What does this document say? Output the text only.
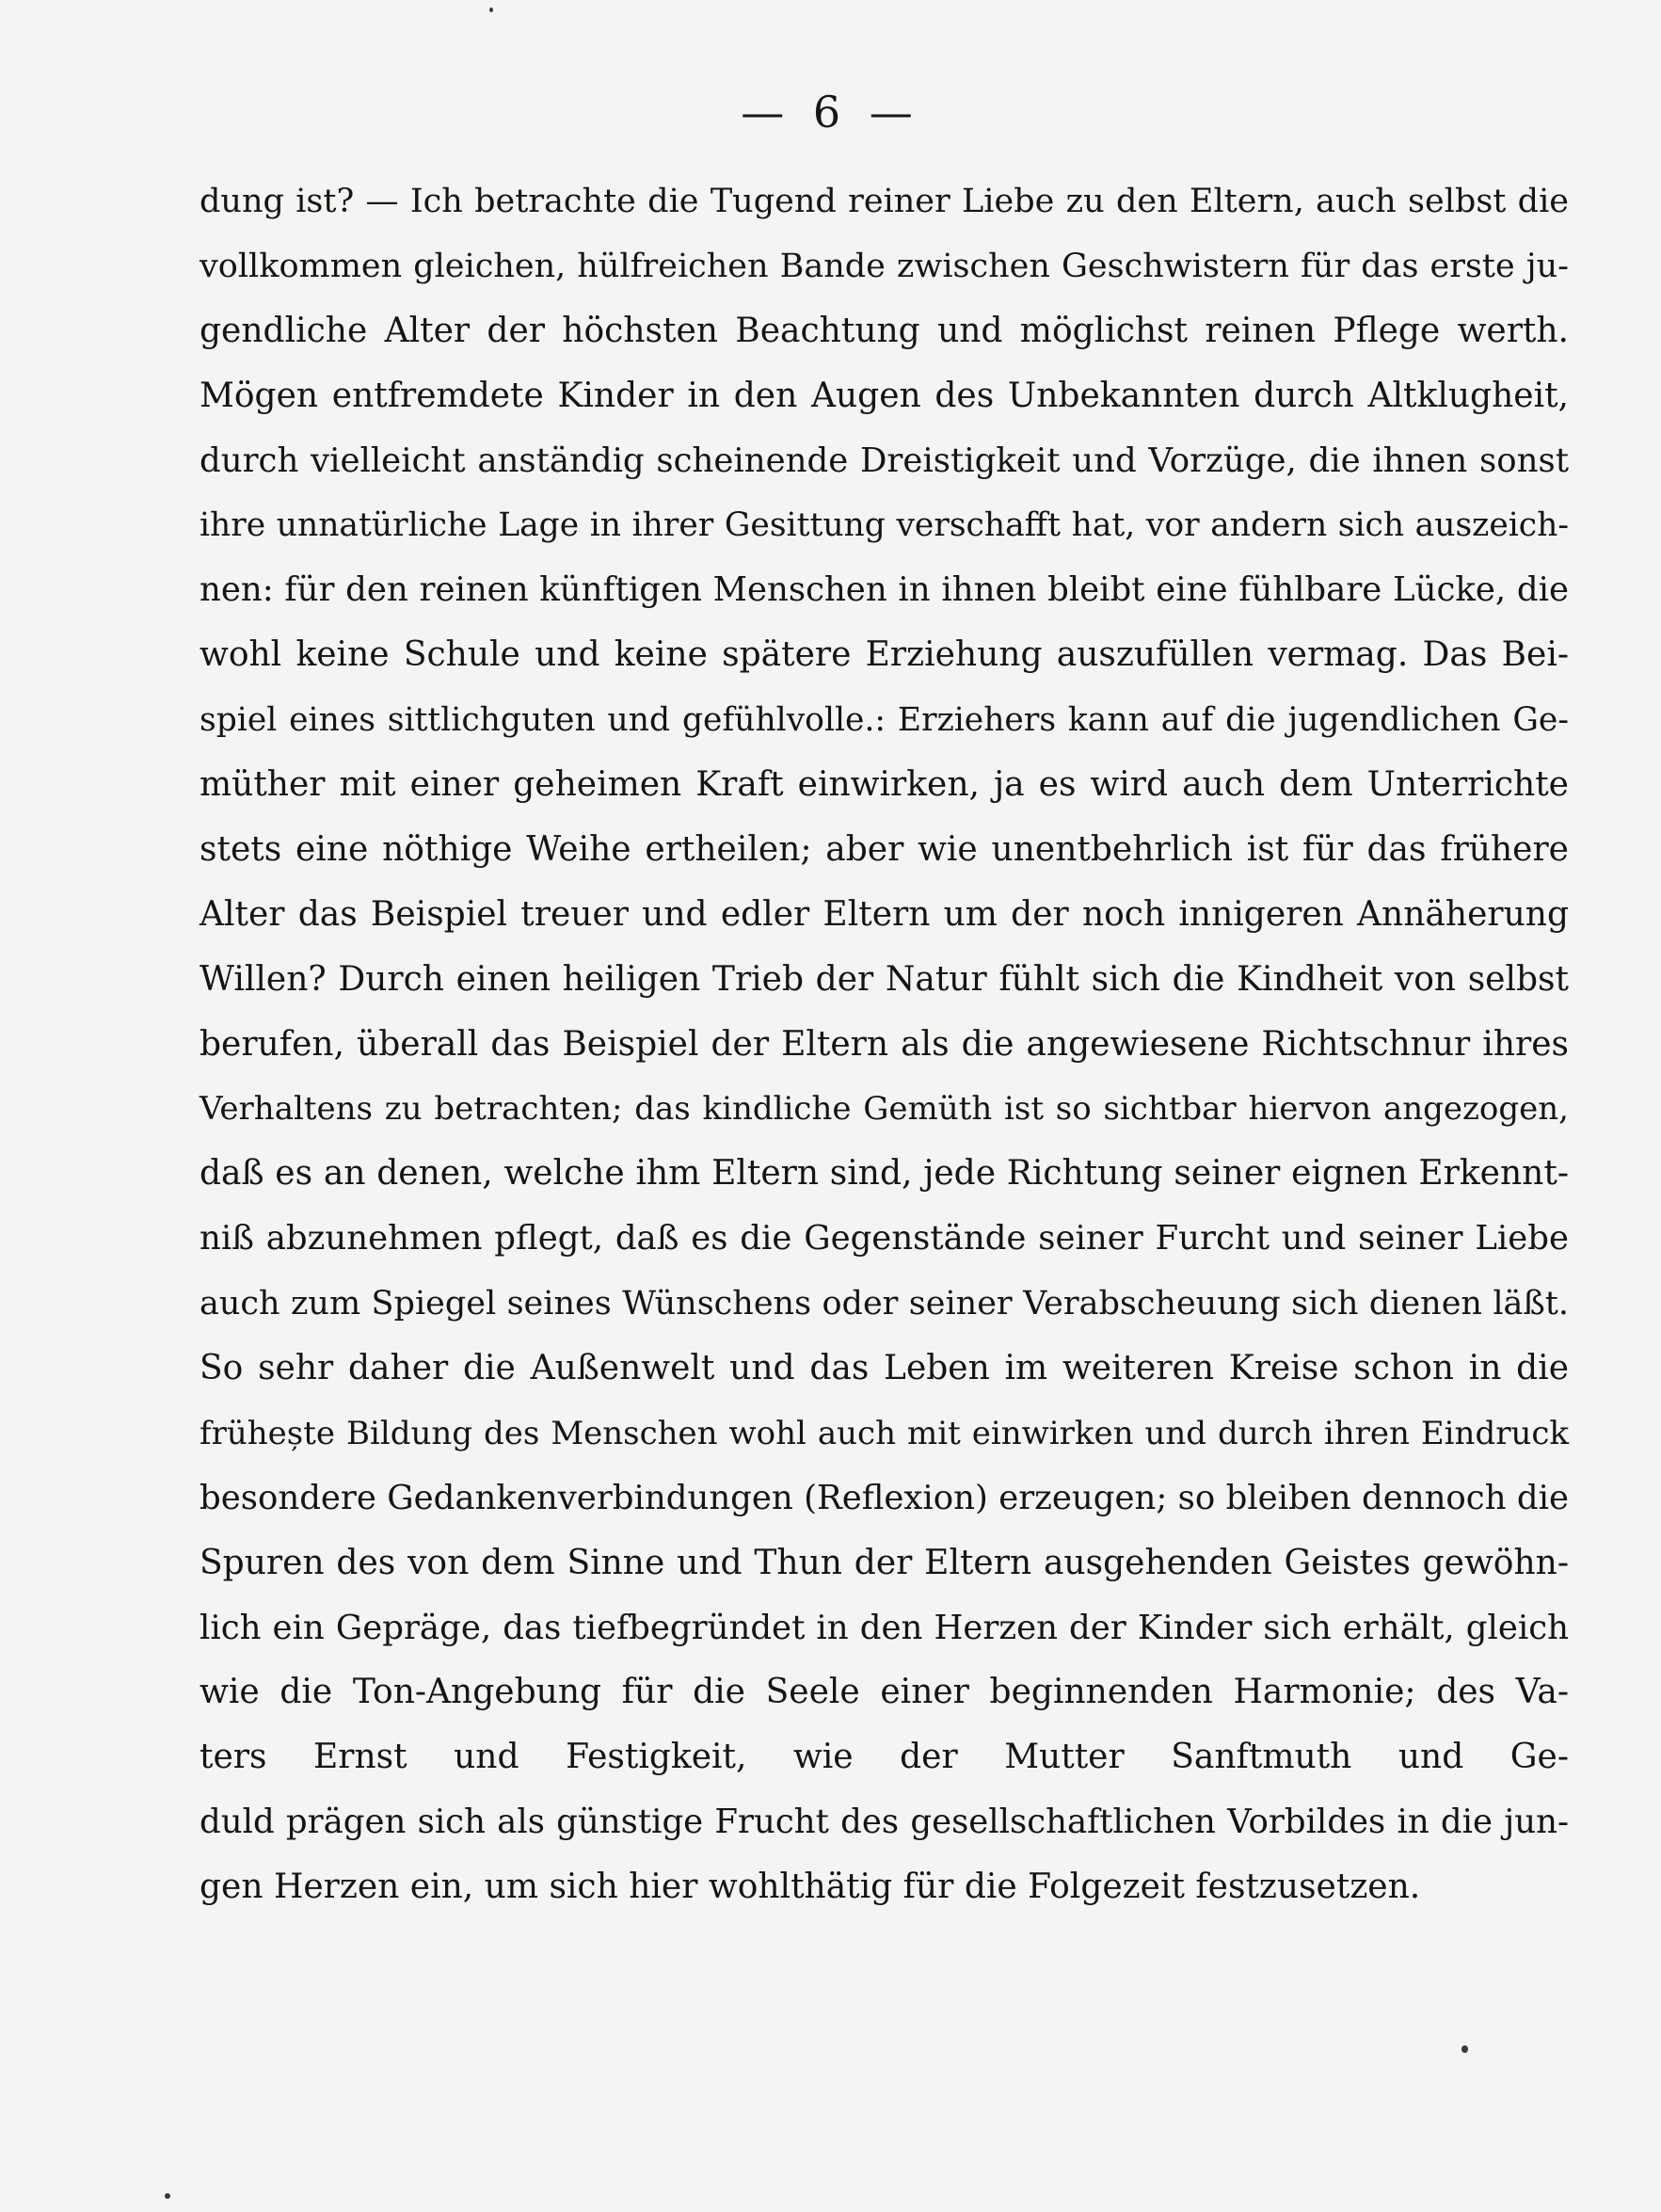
— 6 —
dung ist? — Ich betrachte die Tugend reiner Liebe zu den Eltern, auch selbst die
vollkommen gleichen, hülfreichen Bande zwischen Geschwistern für das erste ju-
gendliche Alter der höchsten Beachtung und möglichst reinen Pflege werth.
Mögen entfremdete Kinder in den Augen des Unbekannten durch Altklugheit,
durch vielleicht anständig scheinende Dreistigkeit und Vorzüge, die ihnen sonst
ihre unnatürliche Lage in ihrer Gesittung verschafft hat, vor andern sich auszeich-
nen: für den reinen künftigen Menschen in ihnen bleibt eine fühlbare Lücke, die
wohl keine Schule und keine spätere Erziehung auszufüllen vermag. Das Bei-
spiel eines sittlichguten und gefühlvolle.: Erziehers kann auf die jugendlichen Ge-
müther mit einer geheimen Kraft einwirken, ja es wird auch dem Unterrichte
stets eine nöthige Weihe ertheilen; aber wie unentbehrlich ist für das frühere
Alter das Beispiel treuer und edler Eltern um der noch innigeren Annäherung
Willen? Durch einen heiligen Trieb der Natur fühlt sich die Kindheit von selbst
berufen, überall das Beispiel der Eltern als die angewiesene Richtschnur ihres
Verhaltens zu betrachten; das kindliche Gemüth ist so sichtbar hiervon angezogen,
daß es an denen, welche ihm Eltern sind, jede Richtung seiner eignen Erkennt-
niß abzunehmen pflegt, daß es die Gegenstände seiner Furcht und seiner Liebe
auch zum Spiegel seines Wünschens oder seiner Verabscheuung sich dienen läßt.
So sehr daher die Außenwelt und das Leben im weiteren Kreise schon in die
frühește Bildung des Menschen wohl auch mit einwirken und durch ihren Eindruck
besondere Gedankenverbindungen (Reflexion) erzeugen; so bleiben dennoch die
Spuren des von dem Sinne und Thun der Eltern ausgehenden Geistes gewöhn-
lich ein Gepräge, das tiefbegründet in den Herzen der Kinder sich erhält, gleich
wie die Ton-Angebung für die Seele einer beginnenden Harmonie; des Va-
ters Ernst und Festigkeit, wie der Mutter Sanftmuth und Ge-
duld prägen sich als günstige Frucht des gesellschaftlichen Vorbildes in die jun-
gen Herzen ein, um sich hier wohlthätig für die Folgezeit festzusetzen.
